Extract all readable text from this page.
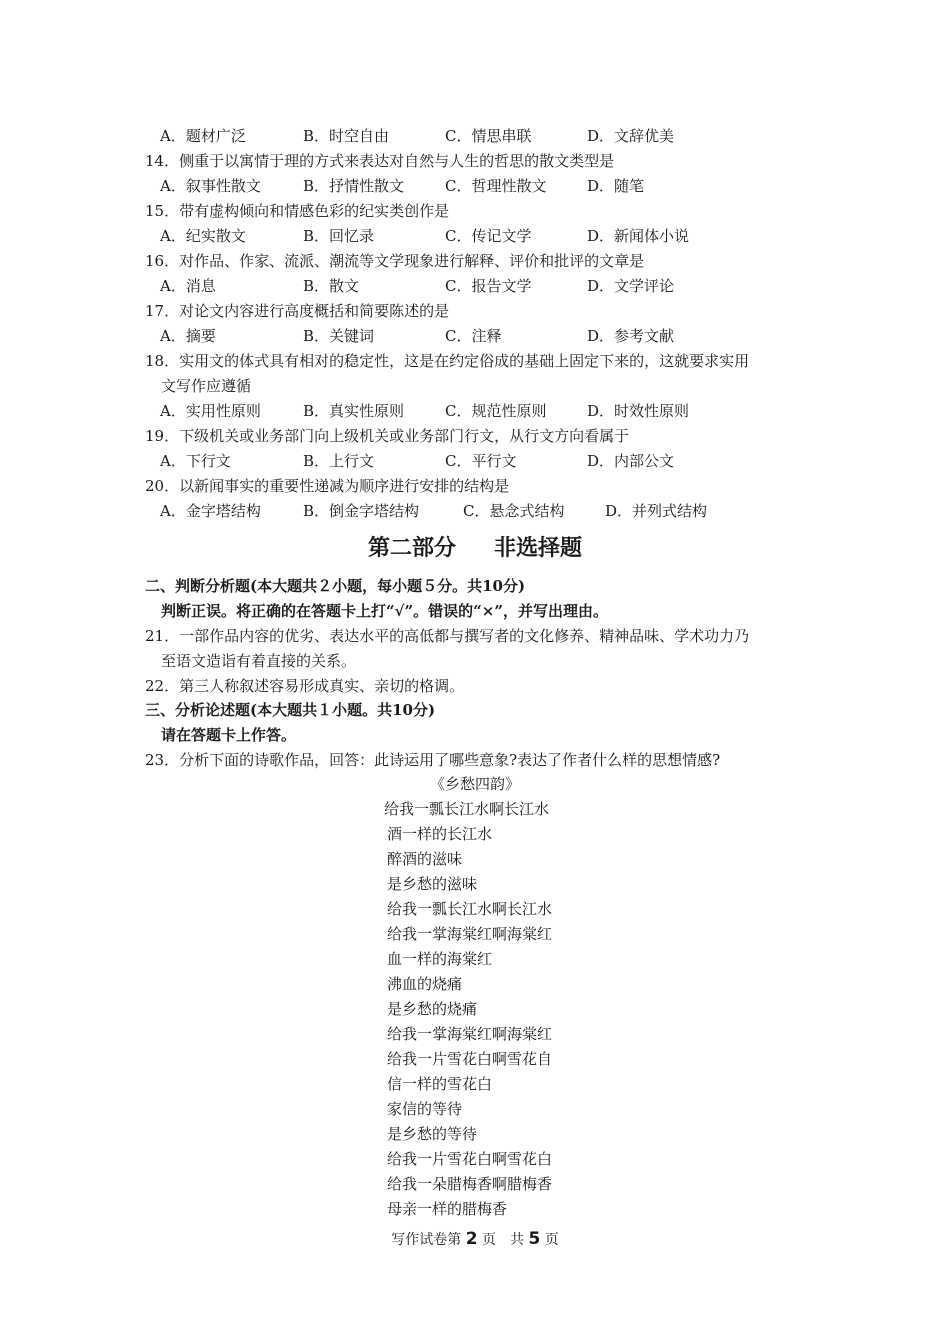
A．题材广泛	B．时空自由	C．情思串联	D．文辞优美
14．侧重于以寓情于理的方式来表达对自然与人生的哲思的散文类型是
A．叙事性散文	B．抒情性散文	C．哲理性散文	D．随笔
15．带有虚构倾向和情感色彩的纪实类创作是
A．纪实散文	B．回忆录	C．传记文学	D．新闻体小说
16．对作品、作家、流派、潮流等文学现象进行解释、评价和批评的文章是
A．消息	B．散文	C．报告文学	D．文学评论
17．对论文内容进行高度概括和简要陈述的是
A．摘要	B．关键词	C．注释	D．参考文献
18．实用文的体式具有相对的稳定性，这是在约定俗成的基础上固定下来的，这就要求实用
文写作应遵循
A．实用性原则	B．真实性原则	C．规范性原则	D．时效性原则
19．下级机关或业务部门向上级机关或业务部门行文，从行文方向看属于
A．下行文	B．上行文	C．平行文	D．内部公文
20．以新闻事实的重要性递减为顺序进行安排的结构是
A．金字塔结构	B．倒金字塔结构	C．悬念式结构	D．并列式结构
第二部分 非选择题
二、判断分析题(本大题共２小题，每小题５分。共10分)
判断正误。将正确的在答题卡上打“√”。错误的“×”，并写出理由。
21．一部作品内容的优劣、表达水平的高低都与撰写者的文化修养、精神品味、学术功力乃
至语文造诣有着直接的关系。
22．第三人称叙述容易形成真实、亲切的格调。
三、分析论述题(本大题共１小题。共10分)
请在答题卡上作答。
23．分析下面的诗歌作品，回答：此诗运用了哪些意象?表达了作者什么样的思想情感?
《乡愁四韵》
给我一瓢长江水啊长江水
酒一样的长江水
醉酒的滋味
是乡愁的滋味
给我一瓢长江水啊长江水
给我一掌海棠红啊海棠红
血一样的海棠红
沸血的烧痛
是乡愁的烧痛
给我一掌海棠红啊海棠红
给我一片雪花白啊雪花自
信一样的雪花白
家信的等待
是乡愁的等待
给我一片雪花白啊雪花白
给我一朵腊梅香啊腊梅香
母亲一样的腊梅香
写作试卷第 2 页　共 5 页
